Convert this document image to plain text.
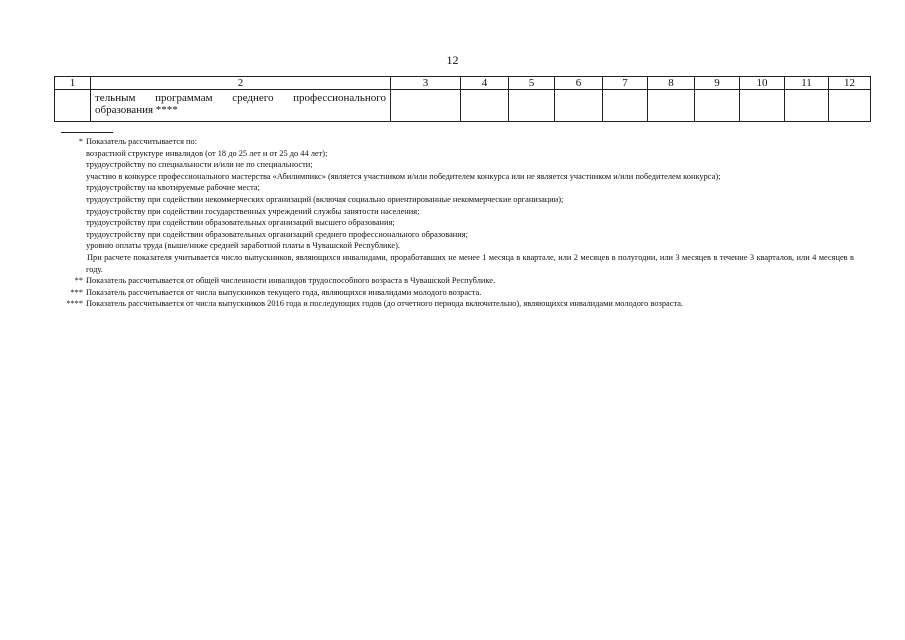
12
1	2	3	4	5	6	7	8	9	10	11	12
	тельным программам среднего профессионального образования ****										
* Показатель рассчитывается по:
возрастной структуре инвалидов (от 18 до 25 лет и от 25 до 44 лет);
трудоустройству по специальности и/или не по специальности;
участию в конкурсе профессионального мастерства «Абилимпикс» (является участником и/или победителем конкурса или не является участником и/или победителем конкурса);
трудоустройству на квотируемые рабочие места;
трудоустройству при содействии некоммерческих организаций (включая социально ориентированные некоммерческие организации);
трудоустройству при содействии государственных учреждений службы занятости населения;
трудоустройству при содействии образовательных организаций высшего образования;
трудоустройству при содействии образовательных организаций среднего профессионального образования;
уровню оплаты труда (выше/ниже средней заработной платы в Чувашской Республике).
При расчете показателя учитывается число выпускников, являющихся инвалидами, проработавших не менее 1 месяца в квартале, или 2 месяцев в полугодии, или 3 месяцев в течение 3 кварталов, или 4 месяцев в году.
** Показатель рассчитывается от общей численности инвалидов трудоспособного возраста в Чувашской Республике.
*** Показатель рассчитывается от числа выпускников текущего года, являющихся инвалидами молодого возраста.
**** Показатель рассчитывается от числа выпускников 2016 года и последующих годов (до отчетного периода включительно), являющихся инвалидами молодого возраста.
